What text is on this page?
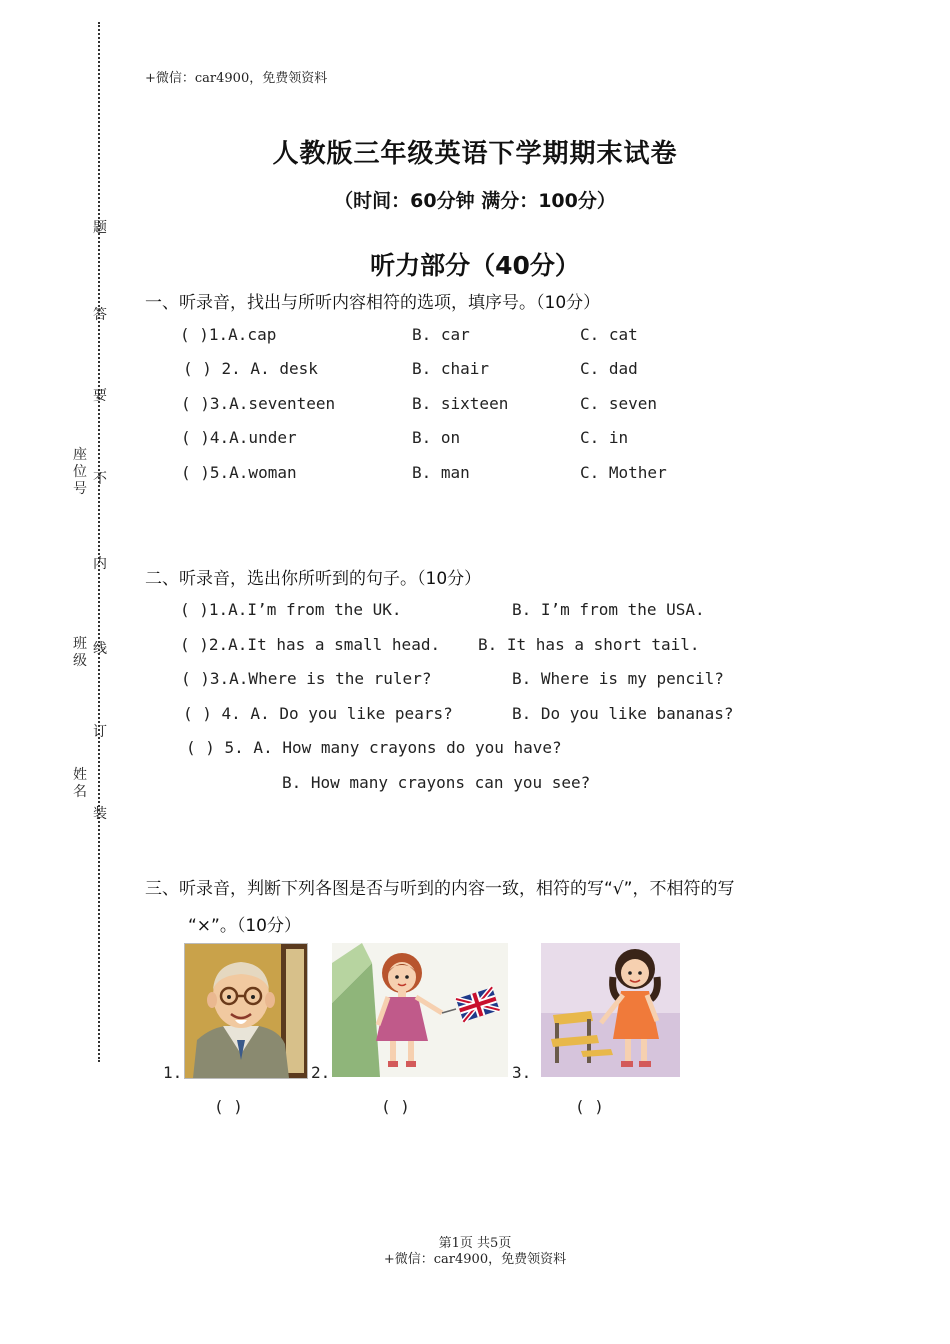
+微信：car4900，免费领资料
题
答
要
不
内
线
订
装
座位号
班级
姓名
人教版三年级英语下学期期末试卷
（时间：60分钟 满分：100分）
听力部分（40分）
一、听录音，找出与所听内容相符的选项，填序号。（10分）
( )1.A.cap	B. car	C. cat
( ) 2. A. desk	B. chair	C. dad
( )3.A.seventeen	B. sixteen	C. seven
( )4.A.under	B. on	C. in
( )5.A.woman	B. man	C. Mother
二、听录音，选出你所听到的句子。（10分）
( )1.A.I’m from the UK.	B. I’m from the USA.
( )2.A.It has a small head. B. It has a short tail.
( )3.A.Where is the ruler?	B. Where is my pencil?
( ) 4. A. Do you like pears?	B. Do you like bananas?
( ) 5. A. How many crayons do you have?
B. How many crayons can you see?
三、听录音，判断下列各图是否与听到的内容一致，相符的写“√”，不相符的写
“×”。（10分）
1.	2.	3.
( )	( )	( )
第1页 共5页
+微信：car4900，免费领资料
